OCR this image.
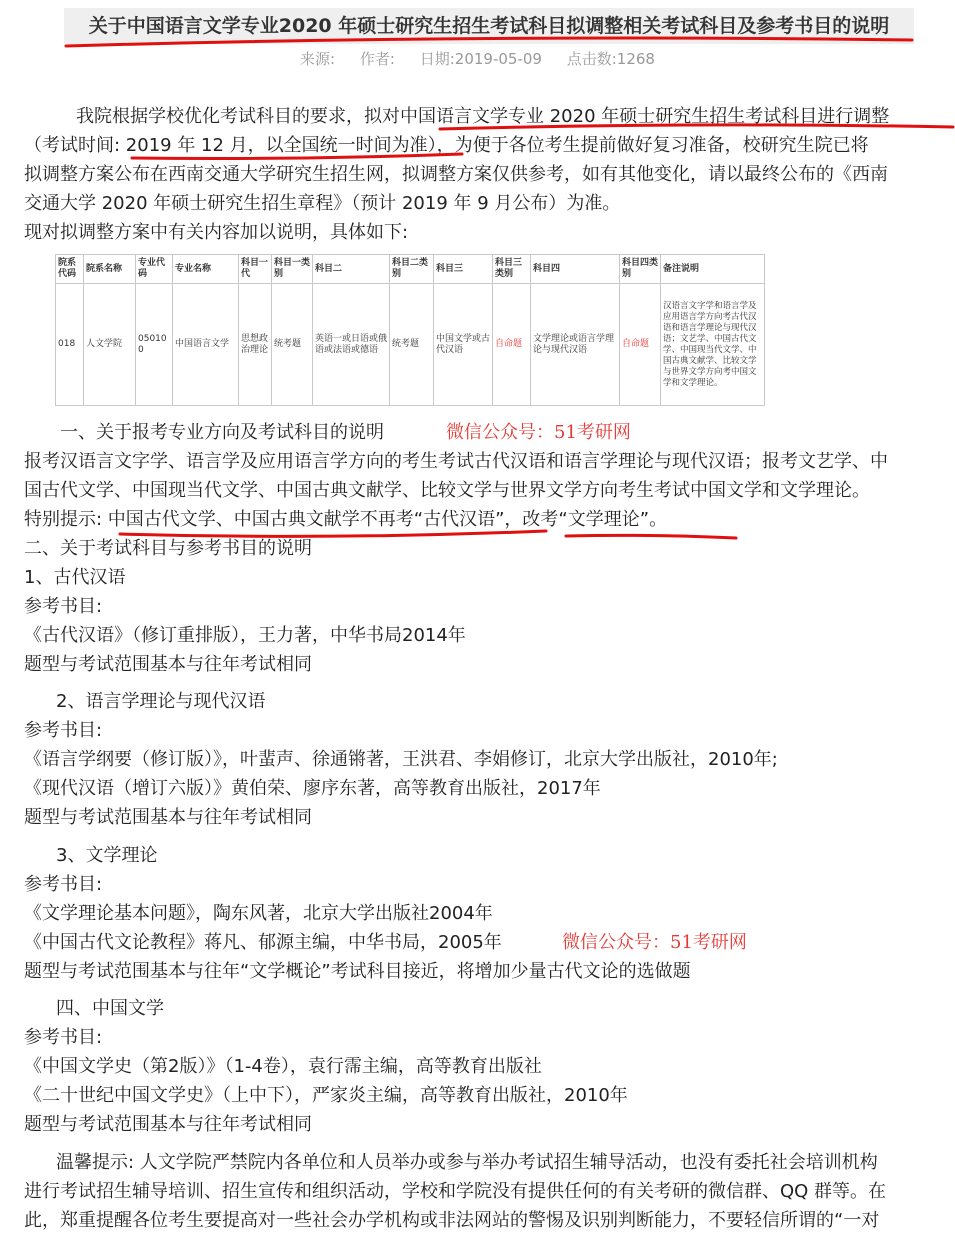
关于中国语言文学专业2020 年硕士研究生招生考试科目拟调整相关考试科目及参考书目的说明
来源: 作者: 日期:2019-05-09 点击数:1268
我院根据学校优化考试科目的要求，拟对中国语言文学专业 2020 年硕士研究生招生考试科目进行调整
（考试时间: 2019 年 12 月，以全国统一时间为准），为便于各位考生提前做好复习准备，校研究生院已将
拟调整方案公布在西南交通大学研究生招生网，拟调整方案仅供参考，如有其他变化，请以最终公布的《西南
交通大学 2020 年硕士研究生招生章程》（预计 2019 年 9 月公布）为准。
现对拟调整方案中有关内容加以说明，具体如下:
院系代码	院系名称	专业代码	专业名称	科目一代	科目一类别	科目二	科目二类别	科目三	科目三类别	科目四	科目四类别	备注说明
018	人文学院	050100	中国语言文学	思想政治理论	统考题	英语一或日语或俄语或法语或德语	统考题	中国文学或古代汉语	自命题	文学理论或语言学理论与现代汉语	自命题	汉语言文字学和语言学及应用语言学方向考古代汉语和语言学理论与现代汉语；文艺学、中国古代文学、中国现当代文学、中国古典文献学、比较文学与世界文学方向考中国文学和文学理论。
一、关于报考专业方向及考试科目的说明	微信公众号：51考研网
报考汉语言文字学、语言学及应用语言学方向的考生考试古代汉语和语言学理论与现代汉语；报考文艺学、中
国古代文学、中国现当代文学、中国古典文献学、比较文学与世界文学方向考生考试中国文学和文学理论。
特别提示: 中国古代文学、中国古典文献学不再考“古代汉语”，改考“文学理论”。
二、关于考试科目与参考书目的说明
1、古代汉语
参考书目:
《古代汉语》（修订重排版），王力著，中华书局2014年
题型与考试范围基本与往年考试相同
2、语言学理论与现代汉语
参考书目:
《语言学纲要（修订版）》，叶蜚声、徐通锵著，王洪君、李娟修订，北京大学出版社，2010年;
《现代汉语（增订六版）》黄伯荣、廖序东著，高等教育出版社，2017年
题型与考试范围基本与往年考试相同
3、文学理论
参考书目:
《文学理论基本问题》，陶东风著，北京大学出版社2004年
《中国古代文论教程》蒋凡、郁源主编，中华书局，2005年	微信公众号：51考研网
题型与考试范围基本与往年“文学概论”考试科目接近，将增加少量古代文论的选做题
四、中国文学
参考书目:
《中国文学史（第2版）》（1-4卷），袁行霈主编，高等教育出版社
《二十世纪中国文学史》（上中下），严家炎主编，高等教育出版社，2010年
题型与考试范围基本与往年考试相同
温馨提示: 人文学院严禁院内各单位和人员举办或参与举办考试招生辅导活动，也没有委托社会培训机构
进行考试招生辅导培训、招生宣传和组织活动，学校和学院没有提供任何的有关考研的微信群、QQ 群等。在
此，郑重提醒各位考生要提高对一些社会办学机构或非法网站的警惕及识别判断能力，不要轻信所谓的“一对
